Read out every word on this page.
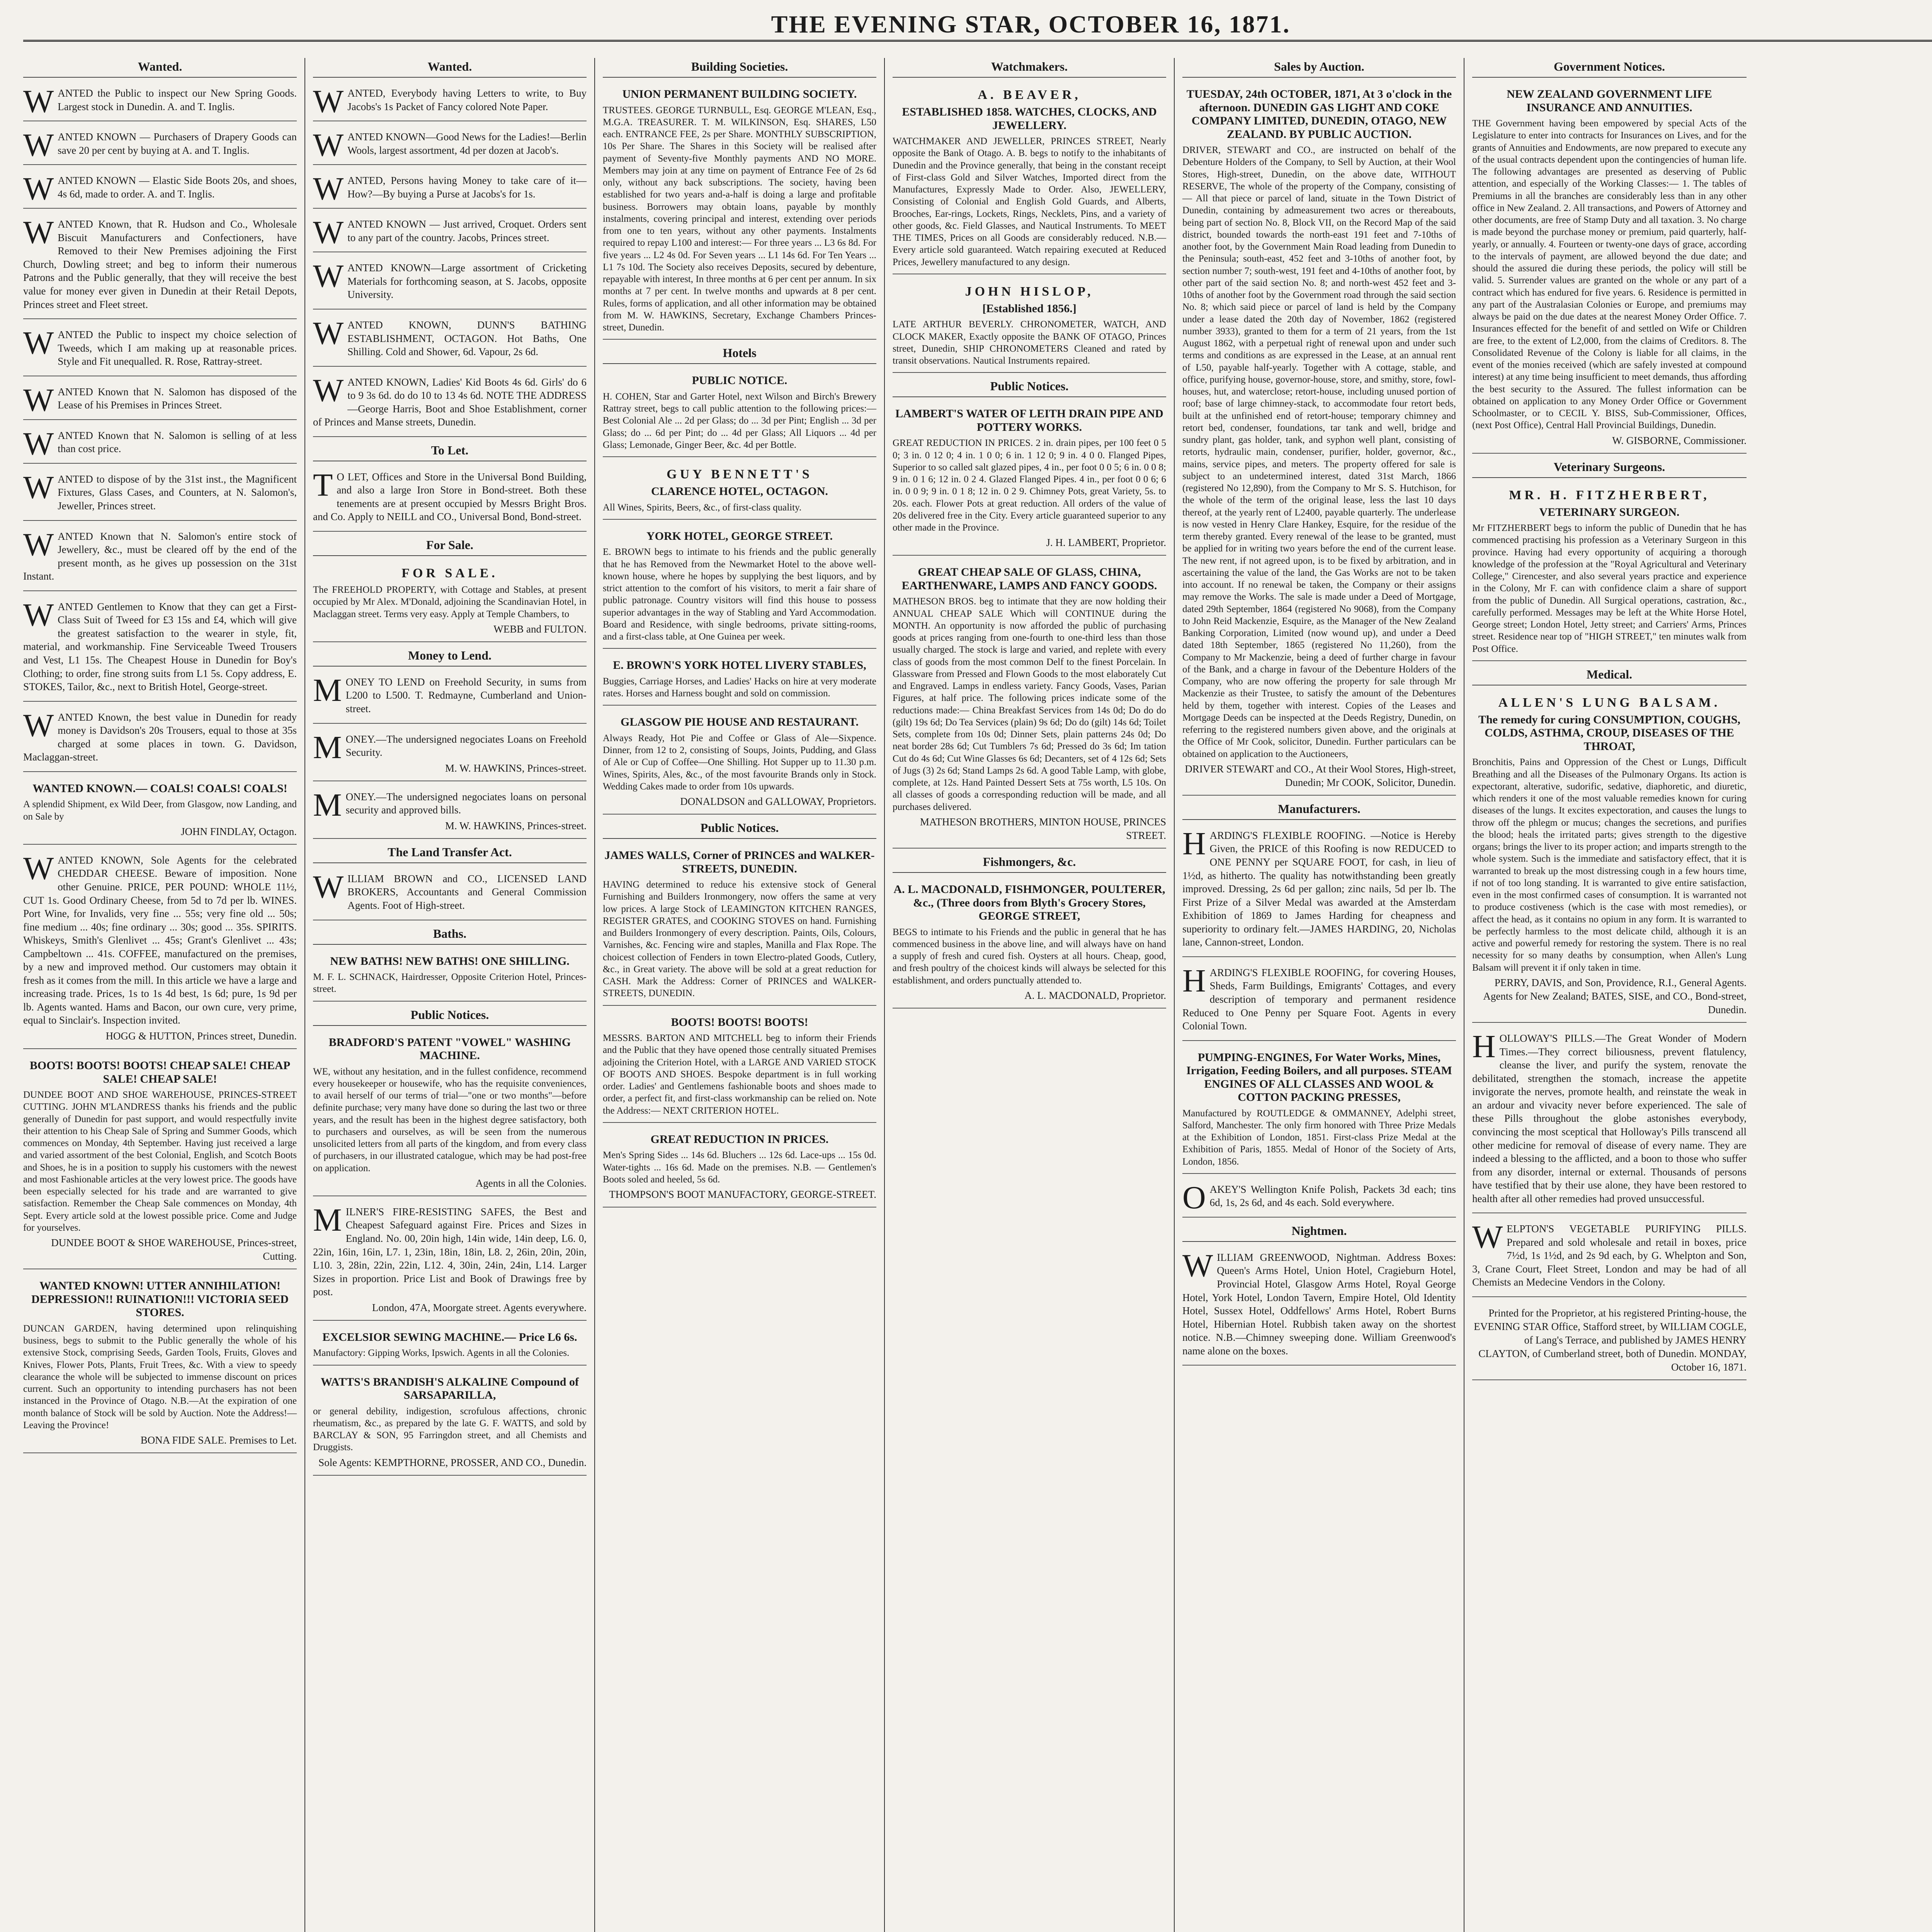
THE EVENING STAR, OCTOBER 16, 1871.
Wanted.

WANTED the Public to inspect our New Spring Goods. Largest stock in Dunedin. A. and T. Inglis.

WANTED KNOWN — Purchasers of Drapery Goods can save 20 per cent by buying at A. and T. Inglis.

WANTED KNOWN — Elastic Side Boots 20s, and shoes, 4s 6d, made to order. A. and T. Inglis.

WANTED Known, that R. Hudson and Co., Wholesale Biscuit Manufacturers and Confectioners, have Removed to their New Premises adjoining the First Church, Dowling street; and beg to inform their numerous Patrons and the Public generally, that they will receive the best value for money ever given in Dunedin at their Retail Depots, Princes street and Fleet street.

WANTED the Public to inspect my choice selection of Tweeds, which I am making up at reasonable prices. Style and Fit unequalled. R. Rose, Rattray-street.

WANTED Known that N. Salomon has disposed of the Lease of his Premises in Princes Street.

WANTED Known that N. Salomon is selling of at less than cost price.

WANTED to dispose of by the 31st inst., the Magnificent Fixtures, Glass Cases, and Counters, at N. Salomon's, Jeweller, Princes street.

WANTED Known that N. Salomon's entire stock of Jewellery, &c., must be cleared off by the end of the present month, as he gives up possession on the 31st Instant.

WANTED Gentlemen to Know that they can get a First-Class Suit of Tweed for £3 15s and £4, which will give the greatest satisfaction to the wearer in style, fit, material, and workmanship. Fine Serviceable Tweed Trousers and Vest, L1 15s. The Cheapest House in Dunedin for Boy's Clothing; to order, fine strong suits from L1 5s. Copy address, E. STOKES, Tailor, &c., next to British Hotel, George-street.

WANTED Known, the best value in Dunedin for ready money is Davidson's 20s Trousers, equal to those at 35s charged at some places in town. G. Davidson, Maclaggan-street.

WANTED KNOWN.— COALS! COALS! COALS!

A splendid Shipment, ex Wild Deer, from Glasgow, now Landing, and on Sale by

JOHN FINDLAY, Octagon.

WANTED KNOWN, Sole Agents for the celebrated CHEDDAR CHEESE. Beware of imposition. None other Genuine. PRICE, PER POUND: WHOLE 11½, CUT 1s. Good Ordinary Cheese, from 5d to 7d per lb. WINES. Port Wine, for Invalids, very fine ... 55s; very fine old ... 50s; fine medium ... 40s; fine ordinary ... 30s; good ... 35s. SPIRITS. Whiskeys, Smith's Glenlivet ... 45s; Grant's Glenlivet ... 43s; Campbeltown ... 41s. COFFEE, manufactured on the premises, by a new and improved method. Our customers may obtain it fresh as it comes from the mill. In this article we have a large and increasing trade. Prices, 1s to 1s 4d best, 1s 6d; pure, 1s 9d per lb. Agents wanted. Hams and Bacon, our own cure, very prime, equal to Sinclair's. Inspection invited.

HOGG & HUTTON, Princes street, Dunedin.
BOOTS! BOOTS! BOOTS! CHEAP SALE! CHEAP SALE! CHEAP SALE!

DUNDEE BOOT AND SHOE WAREHOUSE, PRINCES-STREET CUTTING. JOHN M'LANDRESS thanks his friends and the public generally of Dunedin for past support, and would respectfully invite their attention to his Cheap Sale of Spring and Summer Goods, which commences on Monday, 4th September. Having just received a large and varied assortment of the best Colonial, English, and Scotch Boots and Shoes, he is in a position to supply his customers with the newest and most Fashionable articles at the very lowest price. The goods have been especially selected for his trade and are warranted to give satisfaction. Remember the Cheap Sale commences on Monday, 4th Sept. Every article sold at the lowest possible price. Come and Judge for yourselves.

DUNDEE BOOT & SHOE WAREHOUSE, Princes-street, Cutting.
WANTED KNOWN! UTTER ANNIHILATION! DEPRESSION!! RUINATION!!! VICTORIA SEED STORES.

DUNCAN GARDEN, having determined upon relinquishing business, begs to submit to the Public generally the whole of his extensive Stock, comprising Seeds, Garden Tools, Fruits, Gloves and Knives, Flower Pots, Plants, Fruit Trees, &c. With a view to speedy clearance the whole will be subjected to immense discount on prices current. Such an opportunity to intending purchasers has not been instanced in the Province of Otago. N.B.—At the expiration of one month balance of Stock will be sold by Auction. Note the Address!—Leaving the Province!

BONA FIDE SALE. Premises to Let.
Wanted.

WANTED, Everybody having Letters to write, to Buy Jacobs's 1s Packet of Fancy colored Note Paper.

WANTED KNOWN—Good News for the Ladies!—Berlin Wools, largest assortment, 4d per dozen at Jacob's.

WANTED, Persons having Money to take care of it—How?—By buying a Purse at Jacobs's for 1s.

WANTED KNOWN — Just arrived, Croquet. Orders sent to any part of the country. Jacobs, Princes street.

WANTED KNOWN—Large assortment of Cricketing Materials for forthcoming season, at S. Jacobs, opposite University.

WANTED KNOWN, DUNN'S BATHING ESTABLISHMENT, OCTAGON. Hot Baths, One Shilling. Cold and Shower, 6d. Vapour, 2s 6d.

WANTED KNOWN, Ladies' Kid Boots 4s 6d. Girls' do 6 to 9 3s 6d. do do 10 to 13 4s 6d. NOTE THE ADDRESS—George Harris, Boot and Shoe Establishment, corner of Princes and Manse streets, Dunedin.

To Let.

TO LET, Offices and Store in the Universal Bond Building, and also a large Iron Store in Bond-street. Both these tenements are at present occupied by Messrs Bright Bros. and Co. Apply to NEILL and CO., Universal Bond, Bond-street.

For Sale.
FOR SALE.

The FREEHOLD PROPERTY, with Cottage and Stables, at present occupied by Mr Alex. M'Donald, adjoining the Scandinavian Hotel, in Maclaggan street. Terms very easy. Apply at Temple Chambers, to

WEBB and FULTON.
Money to Lend.

MONEY TO LEND on Freehold Security, in sums from L200 to L500. T. Redmayne, Cumberland and Union-street.

MONEY.—The undersigned negociates Loans on Freehold Security.

M. W. HAWKINS, Princes-street.

MONEY.—The undersigned negociates loans on personal security and approved bills.

M. W. HAWKINS, Princes-street.
The Land Transfer Act.

WILLIAM BROWN and CO., LICENSED LAND BROKERS, Accountants and General Commission Agents. Foot of High-street.

Baths.
NEW BATHS! NEW BATHS! ONE SHILLING.

M. F. L. SCHNACK, Hairdresser, Opposite Criterion Hotel, Princes-street.

Public Notices.
BRADFORD'S PATENT "VOWEL" WASHING MACHINE.

WE, without any hesitation, and in the fullest confidence, recommend every housekeeper or housewife, who has the requisite conveniences, to avail herself of our terms of trial—"one or two months"—before definite purchase; very many have done so during the last two or three years, and the result has been in the highest degree satisfactory, both to purchasers and ourselves, as will be seen from the numerous unsolicited letters from all parts of the kingdom, and from every class of purchasers, in our illustrated catalogue, which may be had post-free on application.

Agents in all the Colonies.

MILNER'S FIRE-RESISTING SAFES, the Best and Cheapest Safeguard against Fire. Prices and Sizes in England. No. 00, 20in high, 14in wide, 14in deep, L6. 0, 22in, 16in, 16in, L7. 1, 23in, 18in, 18in, L8. 2, 26in, 20in, 20in, L10. 3, 28in, 22in, 22in, L12. 4, 30in, 24in, 24in, L14. Larger Sizes in proportion. Price List and Book of Drawings free by post.

London, 47A, Moorgate street. Agents everywhere.
EXCELSIOR SEWING MACHINE.— Price L6 6s.

Manufactory: Gipping Works, Ipswich. Agents in all the Colonies.

WATTS'S BRANDISH'S ALKALINE Compound of SARSAPARILLA,

or general debility, indigestion, scrofulous affections, chronic rheumatism, &c., as prepared by the late G. F. WATTS, and sold by BARCLAY & SON, 95 Farringdon street, and all Chemists and Druggists.

Sole Agents: KEMPTHORNE, PROSSER, AND CO., Dunedin.
Building Societies.
UNION PERMANENT BUILDING SOCIETY.

TRUSTEES. GEORGE TURNBULL, Esq. GEORGE M'LEAN, Esq., M.G.A. TREASURER. T. M. WILKINSON, Esq. SHARES, L50 each. ENTRANCE FEE, 2s per Share. MONTHLY SUBSCRIPTION, 10s Per Share. The Shares in this Society will be realised after payment of Seventy-five Monthly payments AND NO MORE. Members may join at any time on payment of Entrance Fee of 2s 6d only, without any back subscriptions. The society, having been established for two years and-a-half is doing a large and profitable business. Borrowers may obtain loans, payable by monthly instalments, covering principal and interest, extending over periods from one to ten years, without any other payments. Instalments required to repay L100 and interest:— For three years ... L3 6s 8d. For five years ... L2 4s 0d. For Seven years ... L1 14s 6d. For Ten Years ... L1 7s 10d. The Society also receives Deposits, secured by debenture, repayable with interest, In three months at 6 per cent per annum. In six months at 7 per cent. In twelve months and upwards at 8 per cent. Rules, forms of application, and all other information may be obtained from M. W. HAWKINS, Secretary, Exchange Chambers Princes-street, Dunedin.

Hotels
PUBLIC NOTICE.

H. COHEN, Star and Garter Hotel, next Wilson and Birch's Brewery Rattray street, begs to call public attention to the following prices:— Best Colonial Ale ... 2d per Glass; do ... 3d per Pint; English ... 3d per Glass; do ... 6d per Pint; do ... 4d per Glass; All Liquors ... 4d per Glass; Lemonade, Ginger Beer, &c. 4d per Bottle.

GUY BENNETT'S
CLARENCE HOTEL, OCTAGON.

All Wines, Spirits, Beers, &c., of first-class quality.

YORK HOTEL, GEORGE STREET.

E. BROWN begs to intimate to his friends and the public generally that he has Removed from the Newmarket Hotel to the above well-known house, where he hopes by supplying the best liquors, and by strict attention to the comfort of his visitors, to merit a fair share of public patronage. Country visitors will find this house to possess superior advantages in the way of Stabling and Yard Accommodation. Board and Residence, with single bedrooms, private sitting-rooms, and a first-class table, at One Guinea per week.

E. BROWN'S YORK HOTEL LIVERY STABLES,

Buggies, Carriage Horses, and Ladies' Hacks on hire at very moderate rates. Horses and Harness bought and sold on commission.

GLASGOW PIE HOUSE AND RESTAURANT.

Always Ready, Hot Pie and Coffee or Glass of Ale—Sixpence. Dinner, from 12 to 2, consisting of Soups, Joints, Pudding, and Glass of Ale or Cup of Coffee—One Shilling. Hot Supper up to 11.30 p.m. Wines, Spirits, Ales, &c., of the most favourite Brands only in Stock. Wedding Cakes made to order from 10s upwards.

DONALDSON and GALLOWAY, Proprietors.
Public Notices.
JAMES WALLS, Corner of PRINCES and WALKER-STREETS, DUNEDIN.

HAVING determined to reduce his extensive stock of General Furnishing and Builders Ironmongery, now offers the same at very low prices. A large Stock of LEAMINGTON KITCHEN RANGES, REGISTER GRATES, and COOKING STOVES on hand. Furnishing and Builders Ironmongery of every description. Paints, Oils, Colours, Varnishes, &c. Fencing wire and staples, Manilla and Flax Rope. The choicest collection of Fenders in town Electro-plated Goods, Cutlery, &c., in Great variety. The above will be sold at a great reduction for CASH. Mark the Address: Corner of PRINCES and WALKER-STREETS, DUNEDIN.

BOOTS! BOOTS! BOOTS!

MESSRS. BARTON AND MITCHELL beg to inform their Friends and the Public that they have opened those centrally situated Premises adjoining the Criterion Hotel, with a LARGE AND VARIED STOCK OF BOOTS AND SHOES. Bespoke department is in full working order. Ladies' and Gentlemens fashionable boots and shoes made to order, a perfect fit, and first-class workmanship can be relied on. Note the Address:— NEXT CRITERION HOTEL.

GREAT REDUCTION IN PRICES.

Men's Spring Sides ... 14s 6d. Bluchers ... 12s 6d. Lace-ups ... 15s 0d. Water-tights ... 16s 6d. Made on the premises. N.B. — Gentlemen's Boots soled and heeled, 5s 6d.

THOMPSON'S BOOT MANUFACTORY, GEORGE-STREET.
Watchmakers.
A. BEAVER,
ESTABLISHED 1858. WATCHES, CLOCKS, AND JEWELLERY.

WATCHMAKER AND JEWELLER, PRINCES STREET, Nearly opposite the Bank of Otago. A. B. begs to notify to the inhabitants of Dunedin and the Province generally, that being in the constant receipt of First-class Gold and Silver Watches, Imported direct from the Manufactures, Expressly Made to Order. Also, JEWELLERY, Consisting of Colonial and English Gold Guards, and Alberts, Brooches, Ear-rings, Lockets, Rings, Necklets, Pins, and a variety of other goods, &c. Field Glasses, and Nautical Instruments. To MEET THE TIMES, Prices on all Goods are considerably reduced. N.B.—Every article sold guaranteed. Watch repairing executed at Reduced Prices, Jewellery manufactured to any design.

JOHN HISLOP,
[Established 1856.]

LATE ARTHUR BEVERLY. CHRONOMETER, WATCH, AND CLOCK MAKER, Exactly opposite the BANK OF OTAGO, Princes street, Dunedin, SHIP CHRONOMETERS Cleaned and rated by transit observations. Nautical Instruments repaired.

Public Notices.
LAMBERT'S WATER OF LEITH DRAIN PIPE AND POTTERY WORKS.

GREAT REDUCTION IN PRICES. 2 in. drain pipes, per 100 feet 0 5 0; 3 in. 0 12 0; 4 in. 1 0 0; 6 in. 1 12 0; 9 in. 4 0 0. Flanged Pipes, Superior to so called salt glazed pipes, 4 in., per foot 0 0 5; 6 in. 0 0 8; 9 in. 0 1 6; 12 in. 0 2 4. Glazed Flanged Pipes. 4 in., per foot 0 0 6; 6 in. 0 0 9; 9 in. 0 1 8; 12 in. 0 2 9. Chimney Pots, great Variety, 5s. to 20s. each. Flower Pots at great reduction. All orders of the value of 20s delivered free in the City. Every article guaranteed superior to any other made in the Province.

J. H. LAMBERT, Proprietor.
GREAT CHEAP SALE OF GLASS, CHINA, EARTHENWARE, LAMPS AND FANCY GOODS.

MATHESON BROS. beg to intimate that they are now holding their ANNUAL CHEAP SALE Which will CONTINUE during the MONTH. An opportunity is now afforded the public of purchasing goods at prices ranging from one-fourth to one-third less than those usually charged. The stock is large and varied, and replete with every class of goods from the most common Delf to the finest Porcelain. In Glassware from Pressed and Flown Goods to the most elaborately Cut and Engraved. Lamps in endless variety. Fancy Goods, Vases, Parian Figures, at half price. The following prices indicate some of the reductions made:— China Breakfast Services from 14s 0d; Do do do (gilt) 19s 6d; Do Tea Services (plain) 9s 6d; Do do (gilt) 14s 6d; Toilet Sets, complete from 10s 0d; Dinner Sets, plain patterns 24s 0d; Do neat border 28s 6d; Cut Tumblers 7s 6d; Pressed do 3s 6d; Im tation Cut do 4s 6d; Cut Wine Glasses 6s 6d; Decanters, set of 4 12s 6d; Sets of Jugs (3) 2s 6d; Stand Lamps 2s 6d. A good Table Lamp, with globe, complete, at 12s. Hand Painted Dessert Sets at 75s worth, L5 10s. On all classes of goods a corresponding reduction will be made, and all purchases delivered.

MATHESON BROTHERS, MINTON HOUSE, PRINCES STREET.
Fishmongers, &c.
A. L. MACDONALD, FISHMONGER, POULTERER, &c., (Three doors from Blyth's Grocery Stores, GEORGE STREET,

BEGS to intimate to his Friends and the public in general that he has commenced business in the above line, and will always have on hand a supply of fresh and cured fish. Oysters at all hours. Cheap, good, and fresh poultry of the choicest kinds will always be selected for this establishment, and orders punctually attended to.

A. L. MACDONALD, Proprietor.
Sales by Auction.
TUESDAY, 24th OCTOBER, 1871, At 3 o'clock in the afternoon. DUNEDIN GAS LIGHT AND COKE COMPANY LIMITED, DUNEDIN, OTAGO, NEW ZEALAND. BY PUBLIC AUCTION.

DRIVER, STEWART and CO., are instructed on behalf of the Debenture Holders of the Company, to Sell by Auction, at their Wool Stores, High-street, Dunedin, on the above date, WITHOUT RESERVE, The whole of the property of the Company, consisting of— All that piece or parcel of land, situate in the Town District of Dunedin, containing by admeasurement two acres or thereabouts, being part of section No. 8, Block VII, on the Record Map of the said district, bounded towards the north-east 191 feet and 7-10ths of another foot, by the Government Main Road leading from Dunedin to the Peninsula; south-east, 452 feet and 3-10ths of another foot, by section number 7; south-west, 191 feet and 4-10ths of another foot, by other part of the said section No. 8; and north-west 452 feet and 3-10ths of another foot by the Government road through the said section No. 8; which said piece or parcel of land is held by the Company under a lease dated the 20th day of November, 1862 (registered number 3933), granted to them for a term of 21 years, from the 1st August 1862, with a perpetual right of renewal upon and under such terms and conditions as are expressed in the Lease, at an annual rent of L50, payable half-yearly. Together with A cottage, stable, and office, purifying house, governor-house, store, and smithy, store, fowl-houses, hut, and waterclose; retort-house, including unused portion of roof; base of large chimney-stack, to accommodate four retort beds, built at the unfinished end of retort-house; temporary chimney and retort bed, condenser, foundations, tar tank and well, bridge and sundry plant, gas holder, tank, and syphon well plant, consisting of retorts, hydraulic main, condenser, purifier, holder, governor, &c., mains, service pipes, and meters. The property offered for sale is subject to an undetermined interest, dated 31st March, 1866 (registered No 12,890), from the Company to Mr S. S. Hutchison, for the whole of the term of the original lease, less the last 10 days thereof, at the yearly rent of L2400, payable quarterly. The underlease is now vested in Henry Clare Hankey, Esquire, for the residue of the term thereby granted. Every renewal of the lease to be granted, must be applied for in writing two years before the end of the current lease. The new rent, if not agreed upon, is to be fixed by arbitration, and in ascertaining the value of the land, the Gas Works are not to be taken into account. If no renewal be taken, the Company or their assigns may remove the Works. The sale is made under a Deed of Mortgage, dated 29th September, 1864 (registered No 9068), from the Company to John Reid Mackenzie, Esquire, as the Manager of the New Zealand Banking Corporation, Limited (now wound up), and under a Deed dated 18th September, 1865 (registered No 11,260), from the Company to Mr Mackenzie, being a deed of further charge in favour of the Bank, and a charge in favour of the Debenture Holders of the Company, who are now offering the property for sale through Mr Mackenzie as their Trustee, to satisfy the amount of the Debentures held by them, together with interest. Copies of the Leases and Mortgage Deeds can be inspected at the Deeds Registry, Dunedin, on referring to the registered numbers given above, and the originals at the Office of Mr Cook, solicitor, Dunedin. Further particulars can be obtained on application to the Auctioneers,

DRIVER STEWART and CO., At their Wool Stores, High-street, Dunedin; Mr COOK, Solicitor, Dunedin.
Manufacturers.

HARDING'S FLEXIBLE ROOFING. —Notice is Hereby Given, the PRICE of this Roofing is now REDUCED to ONE PENNY per SQUARE FOOT, for cash, in lieu of 1½d, as hitherto. The quality has notwithstanding been greatly improved. Dressing, 2s 6d per gallon; zinc nails, 5d per lb. The First Prize of a Silver Medal was awarded at the Amsterdam Exhibition of 1869 to James Harding for cheapness and superiority to ordinary felt.—JAMES HARDING, 20, Nicholas lane, Cannon-street, London.

HARDING'S FLEXIBLE ROOFING, for covering Houses, Sheds, Farm Buildings, Emigrants' Cottages, and every description of temporary and permanent residence Reduced to One Penny per Square Foot. Agents in every Colonial Town.

PUMPING-ENGINES, For Water Works, Mines, Irrigation, Feeding Boilers, and all purposes. STEAM ENGINES OF ALL CLASSES AND WOOL & COTTON PACKING PRESSES,

Manufactured by ROUTLEDGE & OMMANNEY, Adelphi street, Salford, Manchester. The only firm honored with Three Prize Medals at the Exhibition of London, 1851. First-class Prize Medal at the Exhibition of Paris, 1855. Medal of Honor of the Society of Arts, London, 1856.

OAKEY'S Wellington Knife Polish, Packets 3d each; tins 6d, 1s, 2s 6d, and 4s each. Sold everywhere.

Nightmen.

WILLIAM GREENWOOD, Nightman. Address Boxes: Queen's Arms Hotel, Union Hotel, Cragieburn Hotel, Provincial Hotel, Glasgow Arms Hotel, Royal George Hotel, York Hotel, London Tavern, Empire Hotel, Old Identity Hotel, Sussex Hotel, Oddfellows' Arms Hotel, Robert Burns Hotel, Hibernian Hotel. Rubbish taken away on the shortest notice. N.B.—Chimney sweeping done. William Greenwood's name alone on the boxes.

Government Notices.
NEW ZEALAND GOVERNMENT LIFE INSURANCE AND ANNUITIES.

THE Government having been empowered by special Acts of the Legislature to enter into contracts for Insurances on Lives, and for the grants of Annuities and Endowments, are now prepared to execute any of the usual contracts dependent upon the contingencies of human life. The following advantages are presented as deserving of Public attention, and especially of the Working Classes:— 1. The tables of Premiums in all the branches are considerably less than in any other office in New Zealand. 2. All transactions, and Powers of Attorney and other documents, are free of Stamp Duty and all taxation. 3. No charge is made beyond the purchase money or premium, paid quarterly, half-yearly, or annually. 4. Fourteen or twenty-one days of grace, according to the intervals of payment, are allowed beyond the due date; and should the assured die during these periods, the policy will still be valid. 5. Surrender values are granted on the whole or any part of a contract which has endured for five years. 6. Residence is permitted in any part of the Australasian Colonies or Europe, and premiums may always be paid on the due dates at the nearest Money Order Office. 7. Insurances effected for the benefit of and settled on Wife or Children are free, to the extent of L2,000, from the claims of Creditors. 8. The Consolidated Revenue of the Colony is liable for all claims, in the event of the monies received (which are safely invested at compound interest) at any time being insufficient to meet demands, thus affording the best security to the Assured. The fullest information can be obtained on application to any Money Order Office or Government Schoolmaster, or to CECIL Y. BISS, Sub-Commissioner, Offices, (next Post Office), Central Hall Provincial Buildings, Dunedin.

W. GISBORNE, Commissioner.
Veterinary Surgeons.
MR. H. FITZHERBERT,
VETERINARY SURGEON.

Mr FITZHERBERT begs to inform the public of Dunedin that he has commenced practising his profession as a Veterinary Surgeon in this province. Having had every opportunity of acquiring a thorough knowledge of the profession at the "Royal Agricultural and Veterinary College," Cirencester, and also several years practice and experience in the Colony, Mr F. can with confidence claim a share of support from the public of Dunedin. All Surgical operations, castration, &c., carefully performed. Messages may be left at the White Horse Hotel, George street; London Hotel, Jetty street; and Carriers' Arms, Princes street. Residence near top of "HIGH STREET," ten minutes walk from Post Office.

Medical.
ALLEN'S LUNG BALSAM.
The remedy for curing CONSUMPTION, COUGHS, COLDS, ASTHMA, CROUP, DISEASES OF THE THROAT,

Bronchitis, Pains and Oppression of the Chest or Lungs, Difficult Breathing and all the Diseases of the Pulmonary Organs. Its action is expectorant, alterative, sudorific, sedative, diaphoretic, and diuretic, which renders it one of the most valuable remedies known for curing diseases of the lungs. It excites expectoration, and causes the lungs to throw off the phlegm or mucus; changes the secretions, and purifies the blood; heals the irritated parts; gives strength to the digestive organs; brings the liver to its proper action; and imparts strength to the whole system. Such is the immediate and satisfactory effect, that it is warranted to break up the most distressing cough in a few hours time, if not of too long standing. It is warranted to give entire satisfaction, even in the most confirmed cases of consumption. It is warranted not to produce costiveness (which is the case with most remedies), or affect the head, as it contains no opium in any form. It is warranted to be perfectly harmless to the most delicate child, although it is an active and powerful remedy for restoring the system. There is no real necessity for so many deaths by consumption, when Allen's Lung Balsam will prevent it if only taken in time.

PERRY, DAVIS, and Son, Providence, R.I., General Agents. Agents for New Zealand; BATES, SISE, and CO., Bond-street, Dunedin.

HOLLOWAY'S PILLS.—The Great Wonder of Modern Times.—They correct biliousness, prevent flatulency, cleanse the liver, and purify the system, renovate the debilitated, strengthen the stomach, increase the appetite invigorate the nerves, promote health, and reinstate the weak in an ardour and vivacity never before experienced. The sale of these Pills throughout the globe astonishes everybody, convincing the most sceptical that Holloway's Pills transcend all other medicine for removal of disease of every name. They are indeed a blessing to the afflicted, and a boon to those who suffer from any disorder, internal or external. Thousands of persons have testified that by their use alone, they have been restored to health after all other remedies had proved unsuccessful.

WELPTON'S VEGETABLE PURIFYING PILLS. Prepared and sold wholesale and retail in boxes, price 7½d, 1s 1½d, and 2s 9d each, by G. Whelpton and Son, 3, Crane Court, Fleet Street, London and may be had of all Chemists an Medecine Vendors in the Colony.

Printed for the Proprietor, at his registered Printing-house, the EVENING STAR Office, Stafford street, by WILLIAM COGLE, of Lang's Terrace, and published by JAMES HENRY CLAYTON, of Cumberland street, both of Dunedin. MONDAY, October 16, 1871.
